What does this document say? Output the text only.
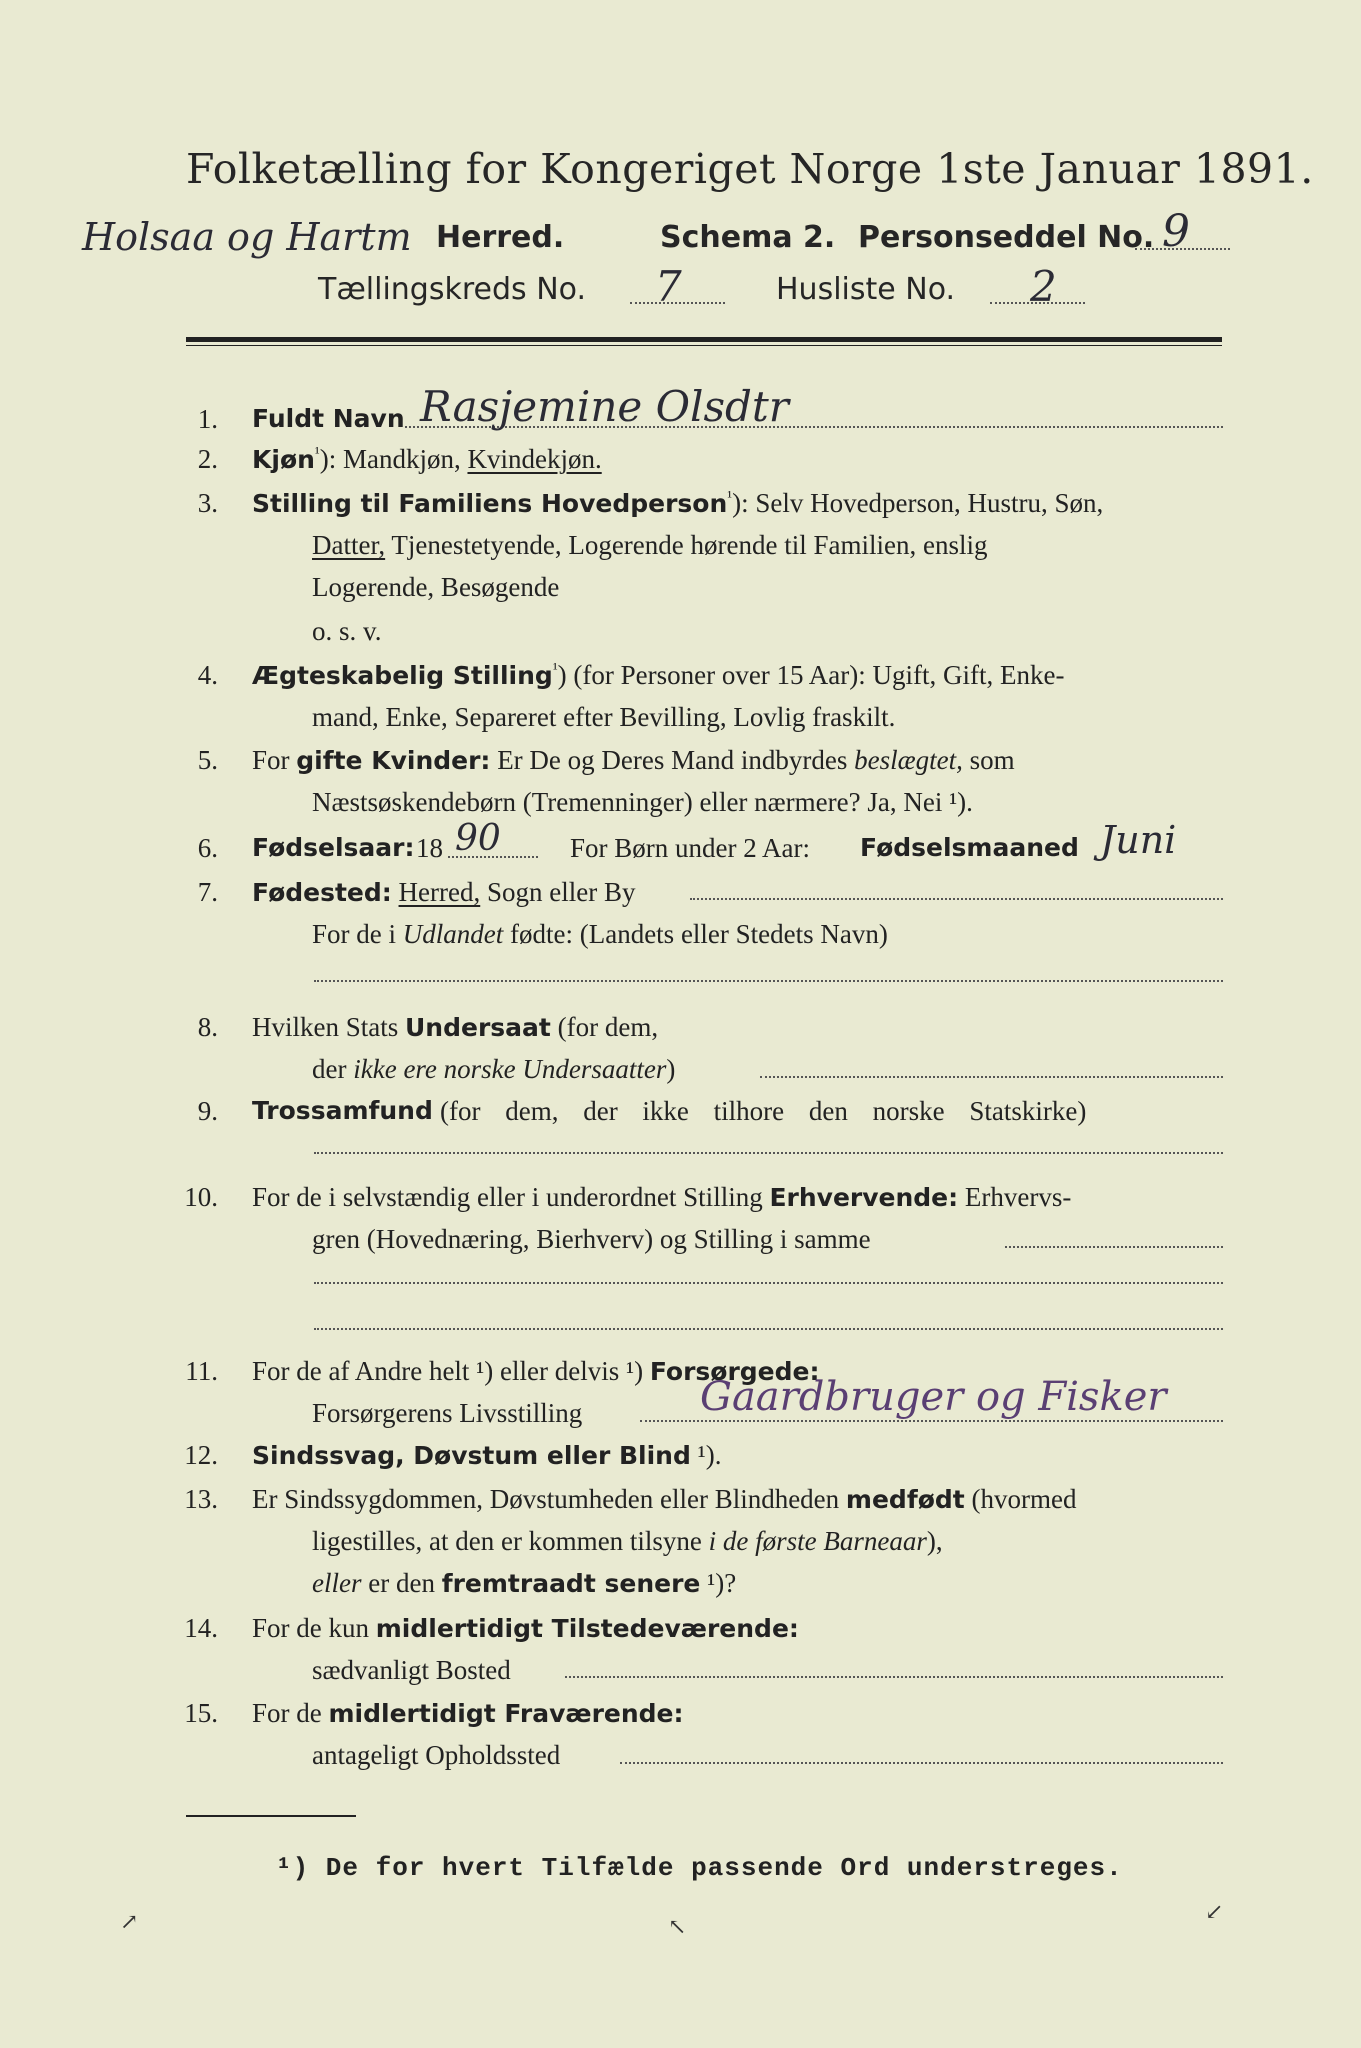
Folketælling for Kongeriget Norge 1ste Januar 1891.
Holsaa og Hartm Herred.	Schema 2. Personseddel No. 9
Tællingskreds No. 7	Husliste No. 2
1. Fuldt Navn Rasjemine Olsdtr
2. Kjøn$^{^1}$): Mandkjøn, Kvindekjøn.
3. Stilling til Familiens Hovedperson$^{^1}$): Selv Hovedperson, Hustru, Søn,
Datter, Tjenestetyende, Logerende hørende til Familien, enslig
Logerende, Besøgende
o. s. v.
4. Ægteskabelig Stilling$^{^1}$) (for Personer over 15 Aar): Ugift, Gift, Enke-
mand, Enke, Separeret efter Bevilling, Lovlig fraskilt.
5. For gifte Kvinder: Er De og Deres Mand indbyrdes beslægtet, som
Næstsøskendebørn (Tremenninger) eller nærmere? Ja, Nei ¹).
6. Fødselsaar: 18 90	For Børn under 2 Aar: Fødselsmaaned Juni
7. Fødested: Herred, Sogn eller By
For de i Udlandet fødte: (Landets eller Stedets Navn)
8. Hvilken Stats Undersaat (for dem,
der ikke ere norske Undersaatter)
9. Trossamfund (for dem, der ikke tilhore den norske Statskirke)
10. For de i selvstændig eller i underordnet Stilling Erhvervende: Erhvervs-
gren (Hovednæring, Bierhverv) og Stilling i samme
11. For de af Andre helt ¹) eller delvis ¹) Forsørgede:
Forsørgerens Livsstilling	Gaardbruger og Fisker
12. Sindssvag, Døvstum eller Blind ¹).
13. Er Sindssygdommen, Døvstumheden eller Blindheden medfødt (hvormed
ligestilles, at den er kommen tilsyne i de første Barneaar),
eller er den fremtraadt senere ¹)?
14. For de kun midlertidigt Tilstedeværende:
sædvanligt Bosted
15. For de midlertidigt Fraværende:
antageligt Opholdssted
¹) De for hvert Tilfælde passende Ord understreges.
↗	↖
↙
